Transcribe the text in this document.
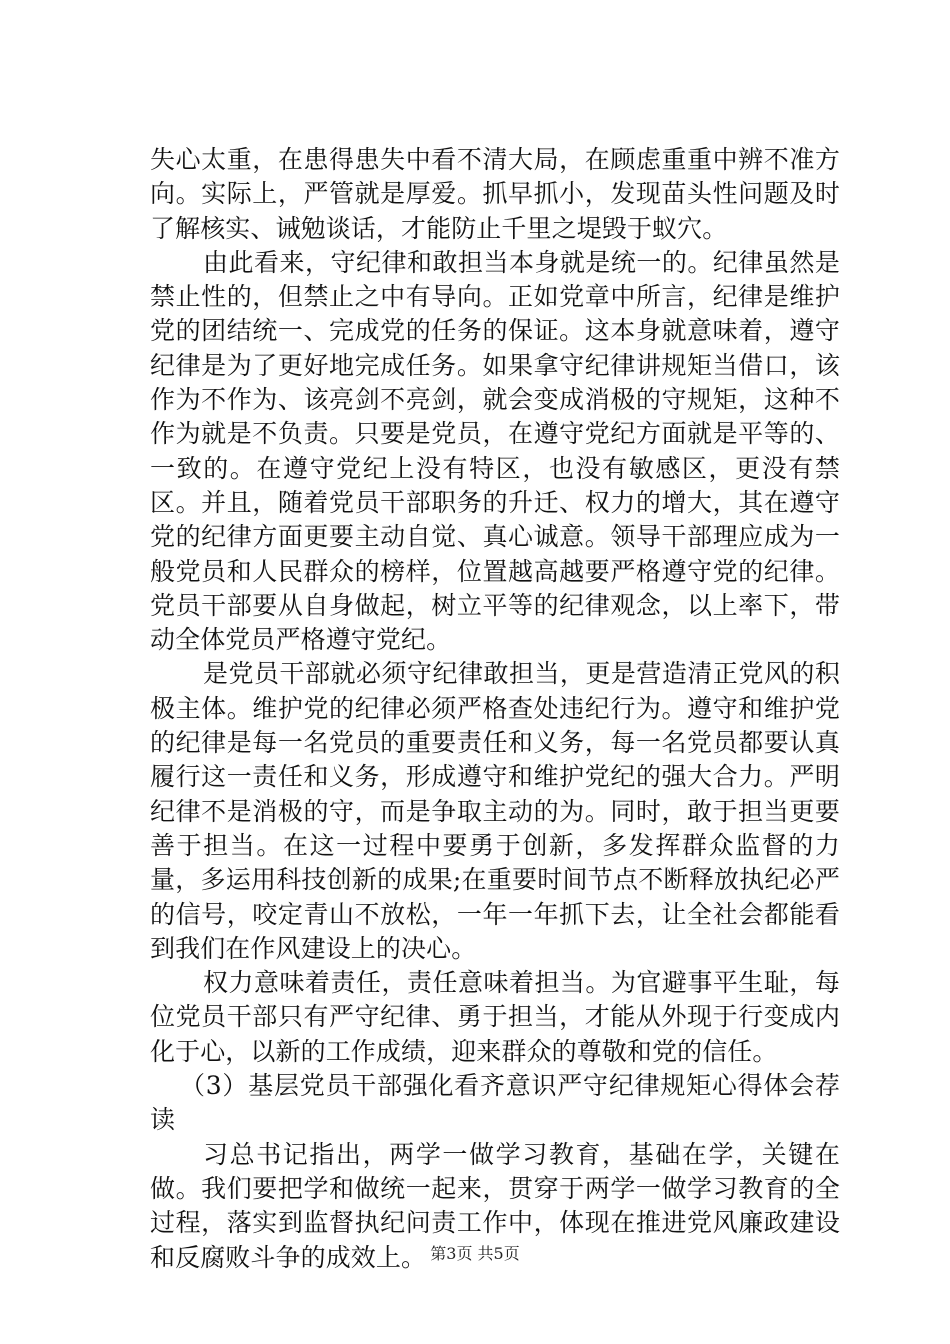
失心太重，在患得患失中看不清大局，在顾虑重重中辨不准方向。实际上，严管就是厚爱。抓早抓小，发现苗头性问题及时了解核实、诫勉谈话，才能防止千里之堤毁于蚁穴。

由此看来，守纪律和敢担当本身就是统一的。纪律虽然是禁止性的，但禁止之中有导向。正如党章中所言，纪律是维护党的团结统一、完成党的任务的保证。这本身就意味着，遵守纪律是为了更好地完成任务。如果拿守纪律讲规矩当借口，该作为不作为、该亮剑不亮剑，就会变成消极的守规矩，这种不作为就是不负责。只要是党员，在遵守党纪方面就是平等的、一致的。在遵守党纪上没有特区，也没有敏感区，更没有禁区。并且，随着党员干部职务的升迁、权力的增大，其在遵守党的纪律方面更要主动自觉、真心诚意。领导干部理应成为一般党员和人民群众的榜样，位置越高越要严格遵守党的纪律。党员干部要从自身做起，树立平等的纪律观念，以上率下，带动全体党员严格遵守党纪。

是党员干部就必须守纪律敢担当，更是营造清正党风的积极主体。维护党的纪律必须严格查处违纪行为。遵守和维护党的纪律是每一名党员的重要责任和义务，每一名党员都要认真履行这一责任和义务，形成遵守和维护党纪的强大合力。严明纪律不是消极的守，而是争取主动的为。同时，敢于担当更要善于担当。在这一过程中要勇于创新，多发挥群众监督的力量，多运用科技创新的成果;在重要时间节点不断释放执纪必严的信号，咬定青山不放松，一年一年抓下去，让全社会都能看到我们在作风建设上的决心。

权力意味着责任，责任意味着担当。为官避事平生耻，每位党员干部只有严守纪律、勇于担当，才能从外现于行变成内化于心，以新的工作成绩，迎来群众的尊敬和党的信任。

（3）基层党员干部强化看齐意识严守纪律规矩心得体会荐读

习总书记指出，两学一做学习教育，基础在学，关键在做。我们要把学和做统一起来，贯穿于两学一做学习教育的全过程，落实到监督执纪问责工作中，体现在推进党风廉政建设和反腐败斗争的成效上。 第3页 共5页
